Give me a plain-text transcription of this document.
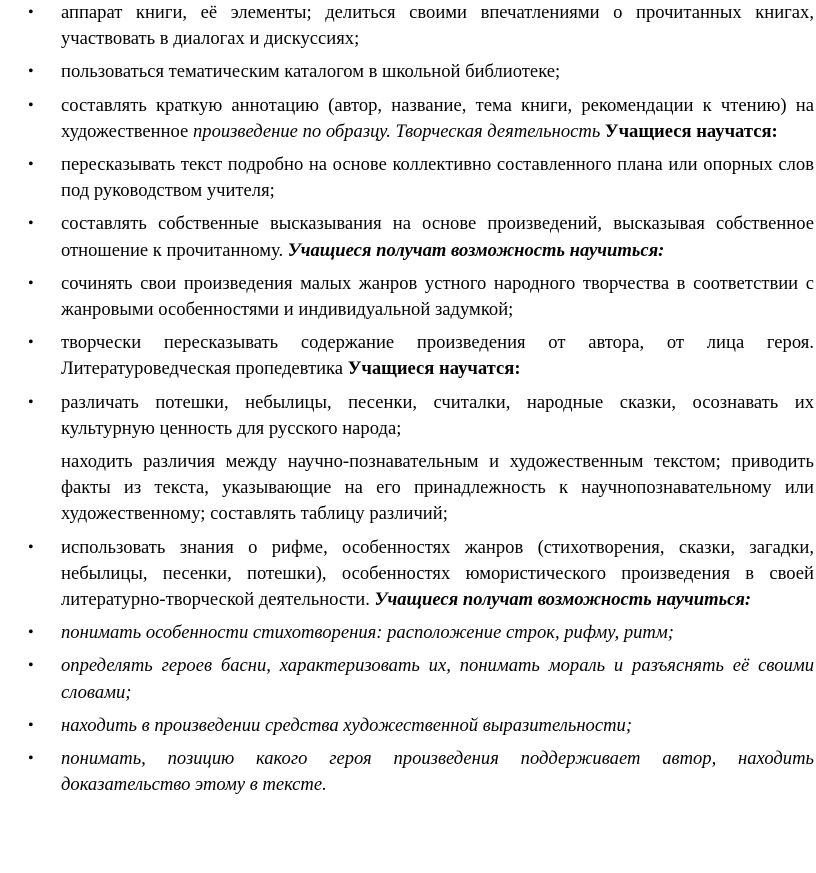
• аппарат книги, её элементы; делиться своими впечатлениями о прочитанных книгах, участвовать в диалогах и дискуссиях;
• пользоваться тематическим каталогом в школьной библиотеке;
• составлять краткую аннотацию (автор, название, тема книги, рекомендации к чтению) на художественное произведение по образцу. Творческая деятельность Учащиеся научатся:
• пересказывать текст подробно на основе коллективно составленного плана или опорных слов под руководством учителя;
• составлять собственные высказывания на основе произведений, высказывая собственное отношение к прочитанному. Учащиеся получат возможность научиться:
• сочинять свои произведения малых жанров устного народного творчества в соответствии с жанровыми особенностями и индивидуальной задумкой;
• творчески пересказывать содержание произведения от автора, от лица героя. Литературоведческая пропедевтика Учащиеся научатся:
• различать потешки, небылицы, песенки, считалки, народные сказки, осознавать их культурную ценность для русского народа;
находить различия между научно-познавательным и художественным текстом; приводить факты из текста, указывающие на его принадлежность к научнопознавательному или художественному; составлять таблицу различий;
• использовать знания о рифме, особенностях жанров (стихотворения, сказки, загадки, небылицы, песенки, потешки), особенностях юмористического произведения в своей литературно-творческой деятельности. Учащиеся получат возможность научиться:
• понимать особенности стихотворения: расположение строк, рифму, ритм;
• определять героев басни, характеризовать их, понимать мораль и разъяснять её своими словами;
• находить в произведении средства художественной выразительности;
• понимать, позицию какого героя произведения поддерживает автор, находить доказательство этому в тексте.
